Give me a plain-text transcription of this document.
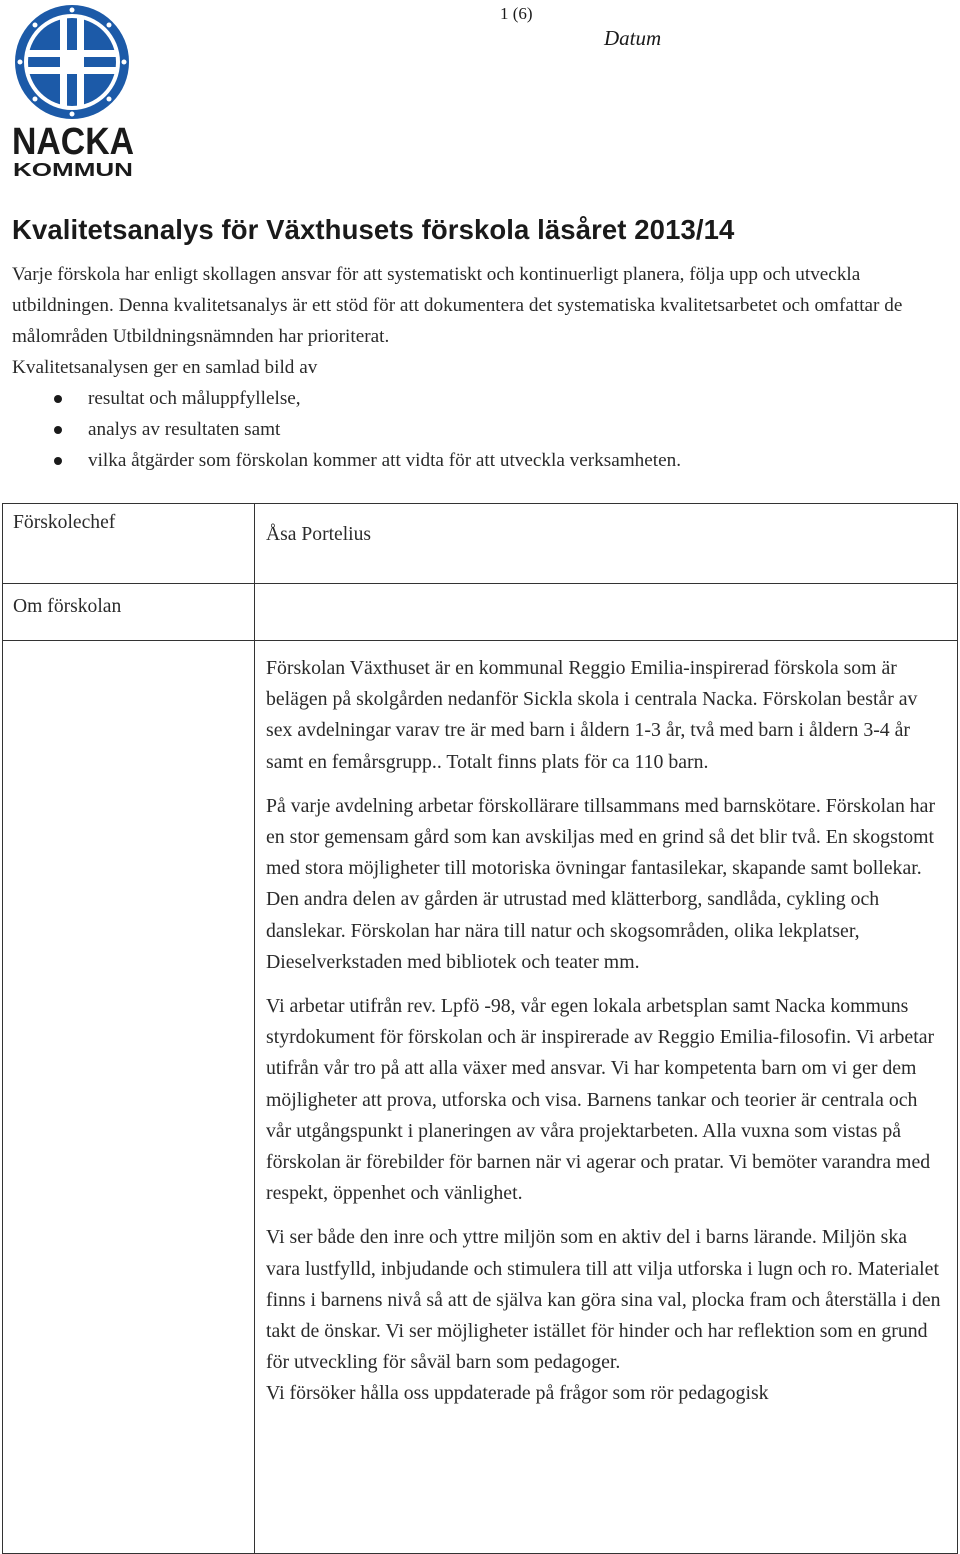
NACKA
KOMMUN
1 (6)
Datum
Kvalitetsanalys för Växthusets förskola läsåret 2013/14

Varje förskola har enligt skollagen ansvar för att systematiskt och kontinuerligt planera, följa upp och utveckla utbildningen. Denna kvalitetsanalys är ett stöd för att dokumentera det systematiska kvalitetsarbetet och omfattar de målområden Utbildningsnämnden har prioriterat.

Kvalitetsanalysen ger en samlad bild av

resultat och måluppfyllelse,
analys av resultaten samt
vilka åtgärder som förskolan kommer att vidta för att utveckla verksamheten.
Förskolechef	Åsa Portelius
Om förskolan	

	Förskolan Växthuset är en kommunal Reggio Emilia-inspirerad förskola som är belägen på skolgården nedanför Sickla skola i centrala Nacka. Förskolan består av sex avdelningar varav tre är med barn i åldern 1-3 år, två med barn i åldern 3-4 år samt en femårsgrupp.. Totalt finns plats för ca 110 barn.

På varje avdelning arbetar förskollärare tillsammans med barnskötare. Förskolan har en stor gemensam gård som kan avskiljas med en grind så det blir två. En skogstomt med stora möjligheter till motoriska övningar fantasilekar, skapande samt bollekar. Den andra delen av gården är utrustad med klätterborg, sandlåda, cykling och danslekar. Förskolan har nära till natur och skogsområden, olika lekplatser, Dieselverkstaden med bibliotek och teater mm.

Vi arbetar utifrån rev. Lpfö -98, vår egen lokala arbetsplan samt Nacka kommuns styrdokument för förskolan och är inspirerade av Reggio Emilia-filosofin. Vi arbetar utifrån vår tro på att alla växer med ansvar. Vi har kompetenta barn om vi ger dem möjligheter att prova, utforska och visa. Barnens tankar och teorier är centrala och vår utgångspunkt i planeringen av våra projektarbeten. Alla vuxna som vistas på förskolan är förebilder för barnen när vi agerar och pratar. Vi bemöter varandra med respekt, öppenhet och vänlighet.

Vi ser både den inre och yttre miljön som en aktiv del i barns lärande. Miljön ska vara lustfylld, inbjudande och stimulera till att vilja utforska i lugn och ro. Materialet finns i barnens nivå så att de själva kan göra sina val, plocka fram och återställa i den takt de önskar. Vi ser möjligheter istället för hinder och har reflektion som en grund för utveckling för såväl barn som pedagoger.

Vi försöker hålla oss uppdaterade på frågor som rör pedagogisk
